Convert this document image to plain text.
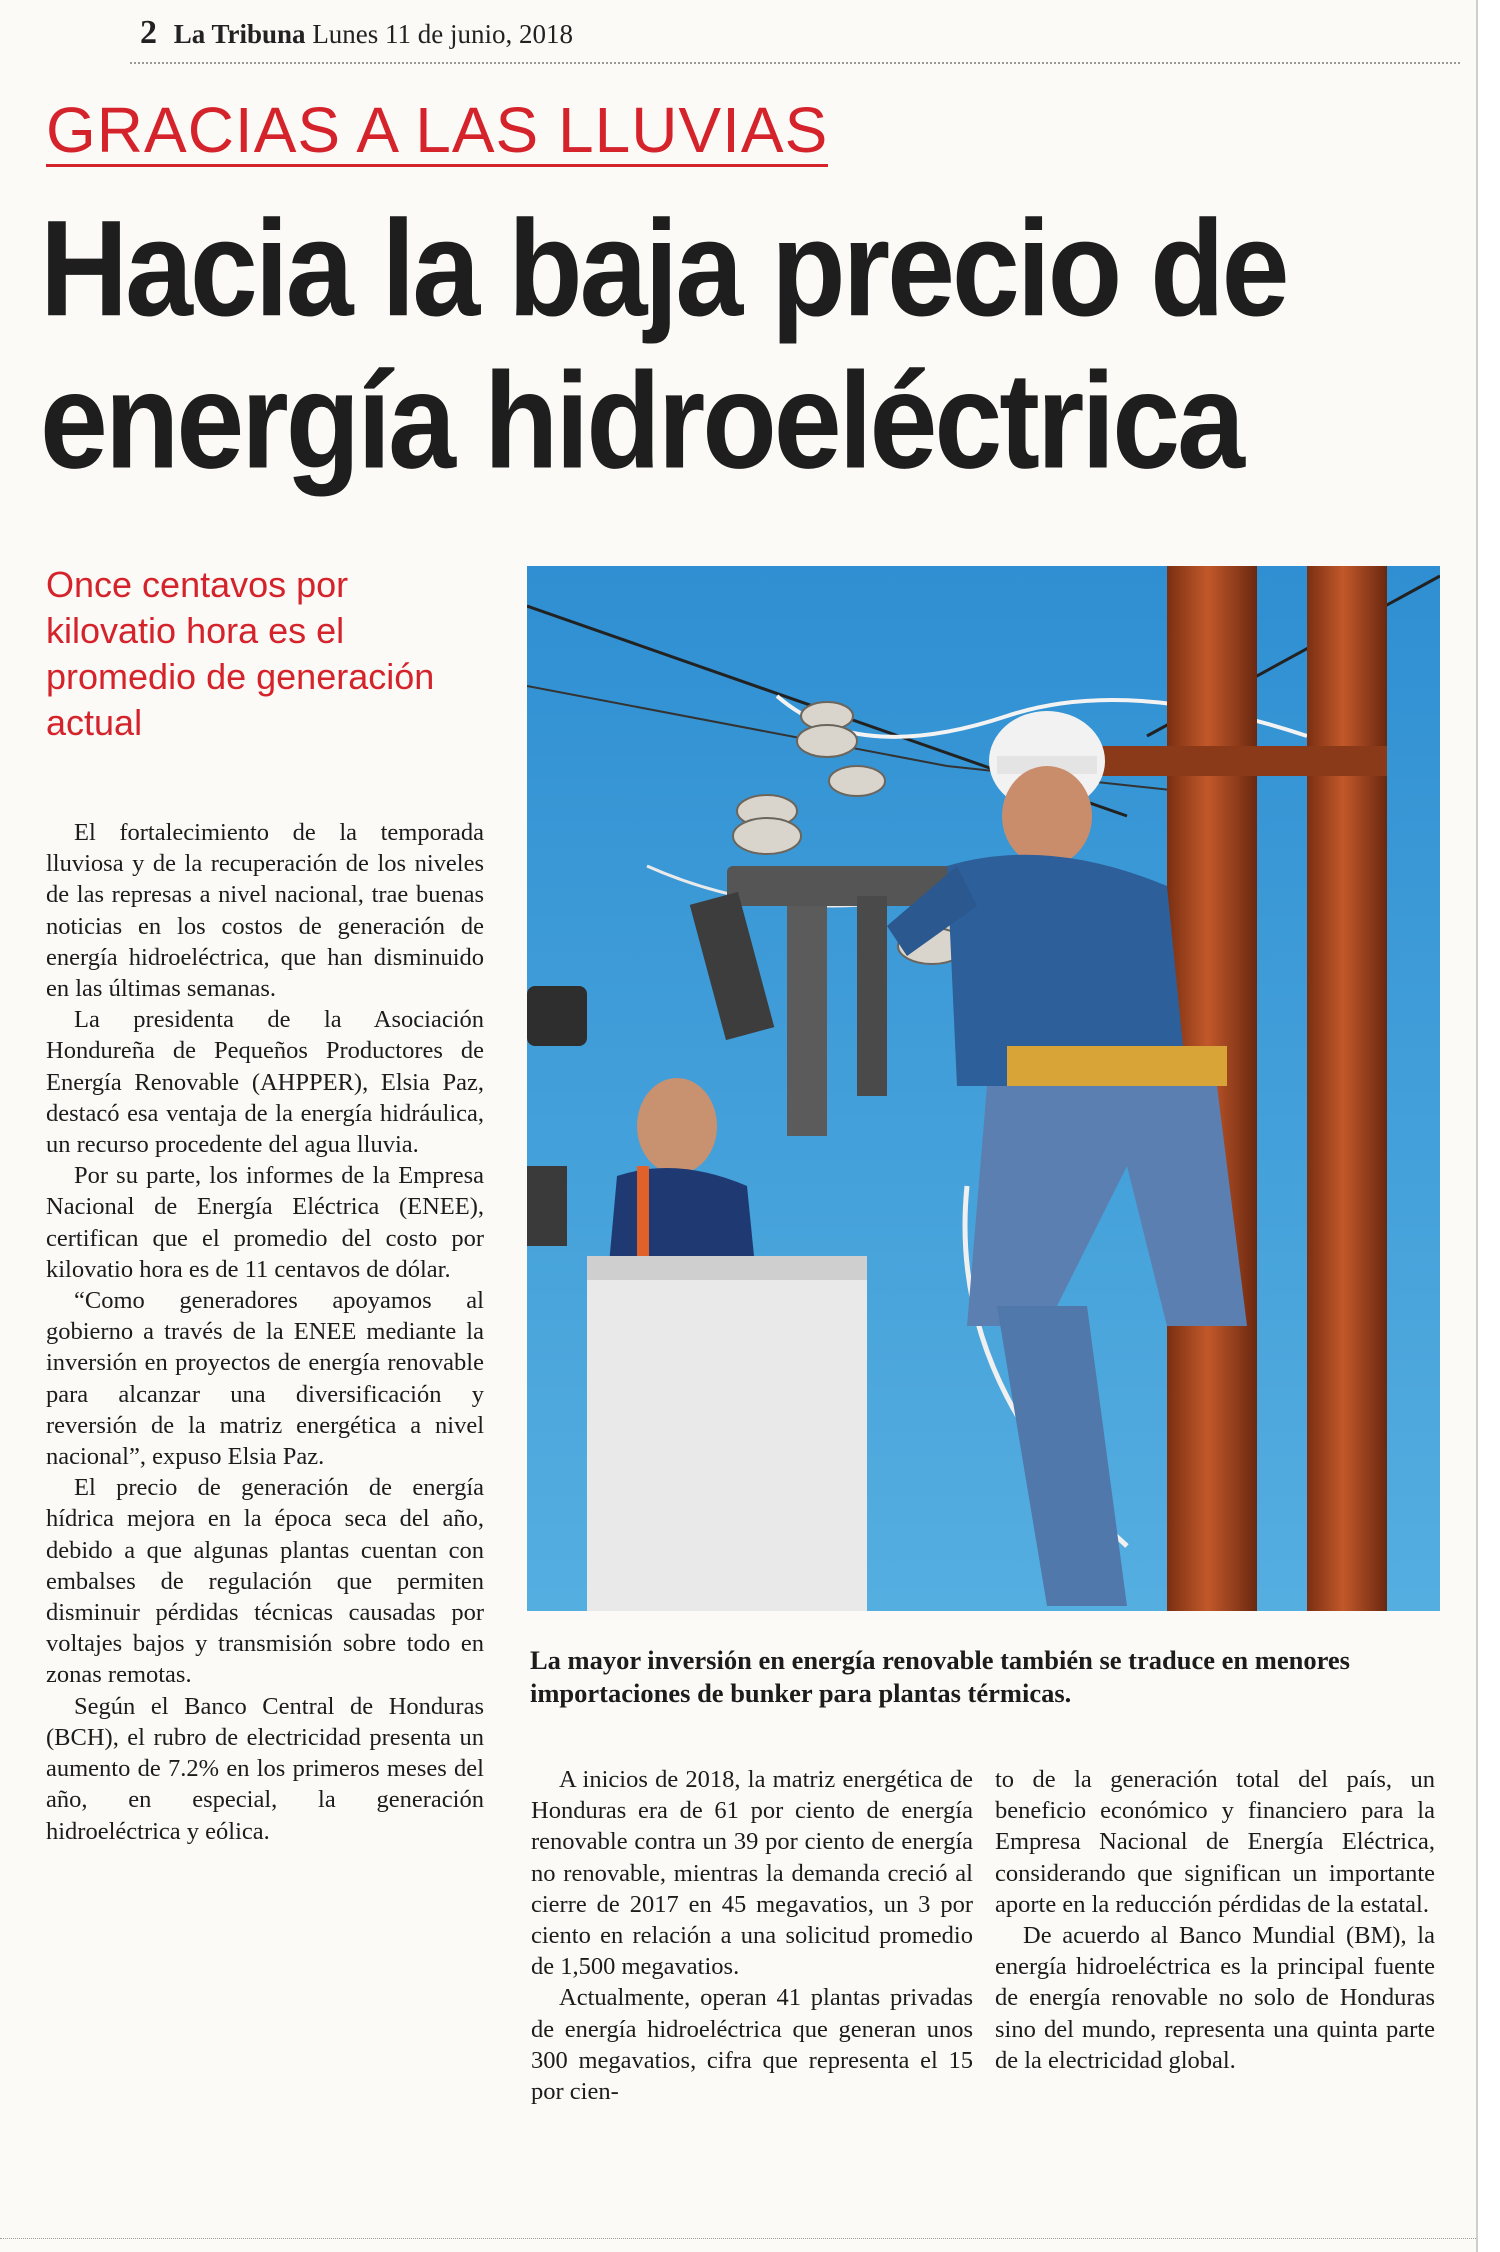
2 La Tribuna Lunes 11 de junio, 2018
GRACIAS A LAS LLUVIAS
Hacia la baja precio de
energía hidroeléctrica
Once centavos por kilovatio hora es el promedio de generación actual

El fortalecimiento de la temporada lluviosa y de la recuperación de los niveles de las represas a nivel nacional, trae buenas noticias en los costos de generación de energía hidroeléctrica, que han disminuido en las últimas semanas.

La presidenta de la Asociación Hondureña de Pequeños Productores de Energía Renovable (AHPPER), Elsia Paz, destacó esa ventaja de la energía hidráulica, un recurso procedente del agua lluvia.

Por su parte, los informes de la Empresa Nacional de Energía Eléctrica (ENEE), certifican que el promedio del costo por kilovatio hora es de 11 centavos de dólar.

“Como generadores apoyamos al gobierno a través de la ENEE mediante la inversión en proyectos de energía renovable para alcanzar una diversificación y reversión de la matriz energética a nivel nacional”, expuso Elsia Paz.

El precio de generación de energía hídrica mejora en la época seca del año, debido a que algunas plantas cuentan con embalses de regulación que permiten disminuir pérdidas técnicas causadas por voltajes bajos y transmisión sobre todo en zonas remotas.

Según el Banco Central de Honduras (BCH), el rubro de electricidad presenta un aumento de 7.2% en los primeros meses del año, en especial, la generación hidroeléctrica y eólica.

La mayor inversión en energía renovable también se traduce en menores importaciones de bunker para plantas térmicas.

A inicios de 2018, la matriz energética de Honduras era de 61 por ciento de energía renovable contra un 39 por ciento de energía no renovable, mientras la demanda creció al cierre de 2017 en 45 megavatios, un 3 por ciento en relación a una solicitud promedio de 1,500 megavatios.

Actualmente, operan 41 plantas privadas de energía hidroeléctrica que generan unos 300 megavatios, cifra que representa el 15 por cien-

to de la generación total del país, un beneficio económico y financiero para la Empresa Nacional de Energía Eléctrica, considerando que significan un importante aporte en la reducción pérdidas de la estatal.

De acuerdo al Banco Mundial (BM), la energía hidroeléctrica es la principal fuente de energía renovable no solo de Honduras sino del mundo, representa una quinta parte de la electricidad global.
